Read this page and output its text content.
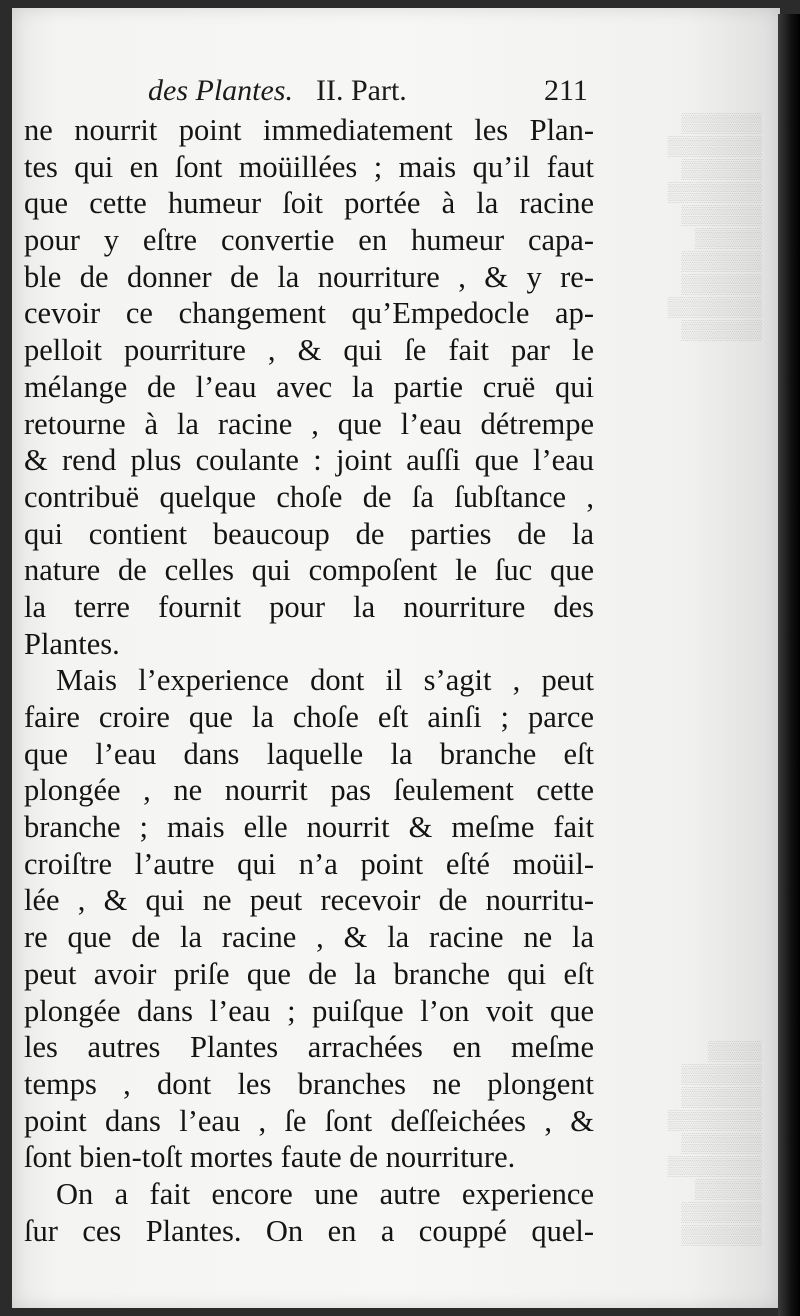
▒▒▒▒▒▒
▒▒▒▒▒▒▒
▒▒▒▒▒▒
▒▒▒▒▒▒▒
▒▒▒▒▒▒
▒▒▒▒▒
▒▒▒▒▒▒
▒▒▒▒▒▒
▒▒▒▒▒▒▒
▒▒▒▒▒▒
▒▒▒▒
▒▒▒▒▒▒
▒▒▒▒▒▒
▒▒▒▒▒▒▒
▒▒▒▒▒▒
▒▒▒▒▒▒▒
▒▒▒▒▒
▒▒▒▒▒▒
▒▒▒▒▒▒
des Plantes. II. Part.	211
ne nourrit point immediatement les Plan-
tes qui en ſont moüillées ; mais qu’il faut
que cette humeur ſoit portée à la racine
pour y eſtre convertie en humeur capa-
ble de donner de la nourriture , & y re-
cevoir ce changement qu’Empedocle ap-
pelloit pourriture , & qui ſe fait par le
mélange de l’eau avec la partie cruë qui
retourne à la racine , que l’eau détrempe
& rend plus coulante : joint auſſi que l’eau
contribuë quelque choſe de ſa ſubſtance ,
qui contient beaucoup de parties de la
nature de celles qui compoſent le ſuc que
la terre fournit pour la nourriture des
Plantes.
Mais l’experience dont il s’agit , peut
faire croire que la choſe eſt ainſi ; parce
que l’eau dans laquelle la branche eſt
plongée , ne nourrit pas ſeulement cette
branche ; mais elle nourrit & meſme fait
croiſtre l’autre qui n’a point eſté moüil-
lée , & qui ne peut recevoir de nourritu-
re que de la racine , & la racine ne la
peut avoir priſe que de la branche qui eſt
plongée dans l’eau ; puiſque l’on voit que
les autres Plantes arrachées en meſme
temps , dont les branches ne plongent
point dans l’eau , ſe ſont deſſeichées , &
ſont bien-toſt mortes faute de nourriture.
On a fait encore une autre experience
ſur ces Plantes. On en a couppé quel-
